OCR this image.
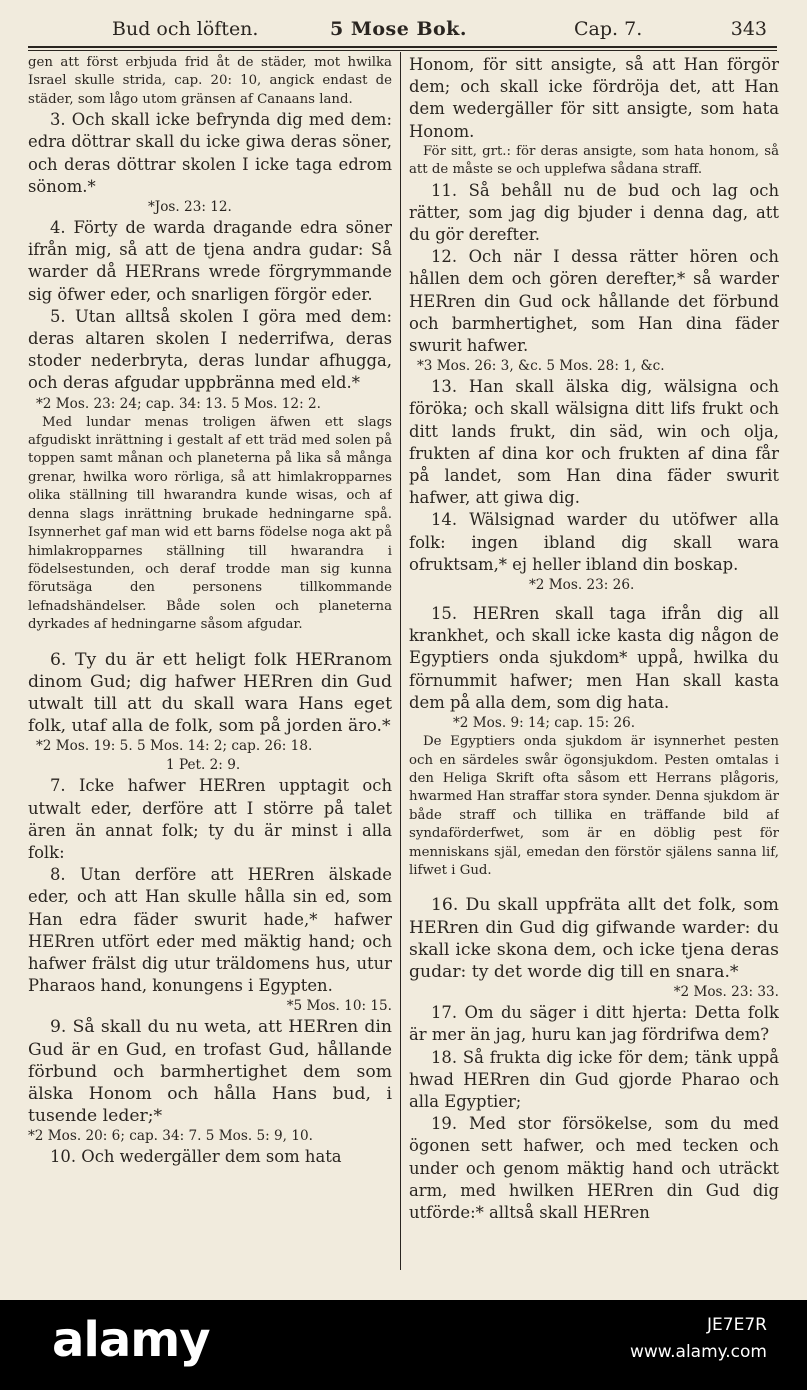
Bud och löften.	5 Mose Bok.	Cap. 7.	343

gen att först erbjuda frid åt de städer, mot hwilka Israel skulle strida, cap. 20: 10, angick endast de städer, som lågo utom gränsen af Canaans land.

3. Och skall icke befrynda dig med dem: edra döttrar skall du icke giwa deras söner, och deras döttrar skolen I icke taga edrom sönom.*

*Jos. 23: 12.

4. Förty de warda dragande edra söner ifrån mig, så att de tjena andra gudar: Så warder då HERrans wrede förgrymmande sig öfwer eder, och snarligen förgör eder.

5. Utan alltså skolen I göra med dem: deras altaren skolen I nederrifwa, deras stoder nederbryta, deras lundar afhugga, och deras afgudar uppbränna med eld.*

*2 Mos. 23: 24; cap. 34: 13. 5 Mos. 12: 2.

Med lundar menas troligen äfwen ett slags afgudiskt inrättning i gestalt af ett träd med solen på toppen samt månan och planeterna på lika så många grenar, hwilka woro rörliga, så att himlakropparnes olika ställning till hwarandra kunde wisas, och af denna slags inrättning brukade hedningarne spå. Isynnerhet gaf man wid ett barns födelse noga akt på himlakropparnes ställning till hwarandra i födelsestunden, och deraf trodde man sig kunna förutsäga den personens tillkommande lefnadshändelser. Både solen och planeterna dyrkades af hedningarne såsom afgudar.

6. Ty du är ett heligt folk HERranom dinom Gud; dig hafwer HERren din Gud utwalt till att du skall wara Hans eget folk, utaf alla de folk, som på jorden äro.*

*2 Mos. 19: 5. 5 Mos. 14: 2; cap. 26: 18.

1 Pet. 2: 9.

7. Icke hafwer HERren upptagit och utwalt eder, derföre att I större på talet ären än annat folk; ty du är minst i alla folk:

8. Utan derföre att HERren älskade eder, och att Han skulle hålla sin ed, som Han edra fäder swurit hade,* hafwer HERren utfört eder med mäktig hand; och hafwer frälst dig utur träldomens hus, utur Pharaos hand, konungens i Egypten.

*5 Mos. 10: 15.

9. Så skall du nu weta, att HERren din Gud är en Gud, en trofast Gud, hållande förbund och barmhertighet dem som älska Honom och hålla Hans bud, i tusende leder;*

*2 Mos. 20: 6; cap. 34: 7. 5 Mos. 5: 9, 10.

10. Och wedergäller dem som hata

Honom, för sitt ansigte, så att Han förgör dem; och skall icke fördröja det, att Han dem wedergäller för sitt ansigte, som hata Honom.

För sitt, grt.: för deras ansigte, som hata honom, så att de måste se och upplefwa sådana straff.

11. Så behåll nu de bud och lag och rätter, som jag dig bjuder i denna dag, att du gör derefter.

12. Och när I dessa rätter hören och hållen dem och gören derefter,* så warder HERren din Gud ock hållande det förbund och barmhertighet, som Han dina fäder swurit hafwer.

*3 Mos. 26: 3, &c. 5 Mos. 28: 1, &c.

13. Han skall älska dig, wälsigna och föröka; och skall wälsigna ditt lifs frukt och ditt lands frukt, din säd, win och olja, frukten af dina kor och frukten af dina får på landet, som Han dina fäder swurit hafwer, att giwa dig.

14. Wälsignad warder du utöfwer alla folk: ingen ibland dig skall wara ofruktsam,* ej heller ibland din boskap.

*2 Mos. 23: 26.

15. HERren skall taga ifrån dig all krankhet, och skall icke kasta dig någon de Egyptiers onda sjukdom* uppå, hwilka du förnummit hafwer; men Han skall kasta dem på alla dem, som dig hata.

*2 Mos. 9: 14; cap. 15: 26.

De Egyptiers onda sjukdom är isynnerhet pesten och en särdeles swår ögonsjukdom. Pesten omtalas i den Heliga Skrift ofta såsom ett Herrans plågoris, hwarmed Han straffar stora synder. Denna sjukdom är både straff och tillika en träffande bild af syndaförderfwet, som är en döblig pest för menniskans själ, emedan den förstör själens sanna lif, lifwet i Gud.

16. Du skall uppfräta allt det folk, som HERren din Gud dig gifwande warder: du skall icke skona dem, och icke tjena deras gudar: ty det worde dig till en snara.*

*2 Mos. 23: 33.

17. Om du säger i ditt hjerta: Detta folk är mer än jag, huru kan jag fördrifwa dem?

18. Så frukta dig icke för dem; tänk uppå hwad HERren din Gud gjorde Pharao och alla Egyptier;

19. Med stor försökelse, som du med ögonen sett hafwer, och med tecken och under och genom mäktig hand och uträckt arm, med hwilken HERren din Gud dig utförde:* alltså skall HERren

alamy	JE7E7R
www.alamy.com
